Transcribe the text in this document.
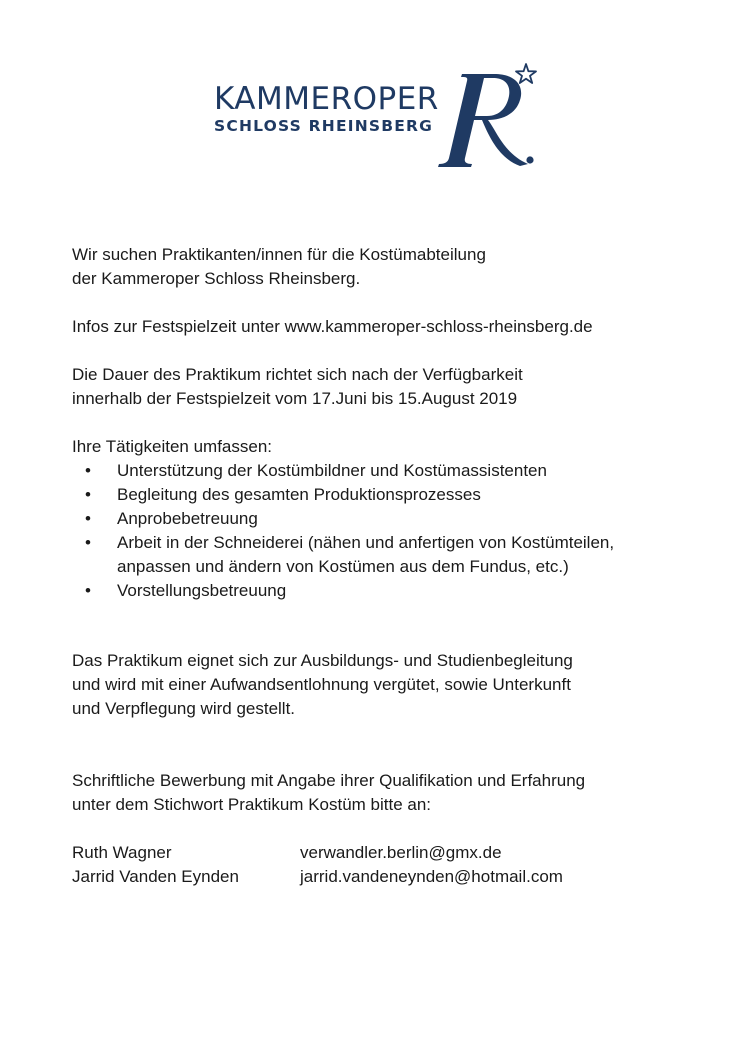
KAMMEROPER
SCHLOSS RHEINSBERG

Wir suchen Praktikanten/innen für die Kostümabteilung

der Kammeroper Schloss Rheinsberg.

Infos zur Festspielzeit unter www.kammeroper-schloss-rheinsberg.de

Die Dauer des Praktikum richtet sich nach der Verfügbarkeit

innerhalb der Festspielzeit vom 17.Juni bis 15.August 2019

Ihre Tätigkeiten umfassen:

• Unterstützung der Kostümbildner und Kostümassistenten
• Begleitung des gesamten Produktionsprozesses
• Anprobebetreuung
• Arbeit in der Schneiderei (nähen und anfertigen von Kostümteilen, anpassen und ändern von Kostümen aus dem Fundus, etc.)
• Vorstellungsbetreuung

Das Praktikum eignet sich zur Ausbildungs- und Studienbegleitung

und wird mit einer Aufwandsentlohnung vergütet, sowie Unterkunft

und Verpflegung wird gestellt.

Schriftliche Bewerbung mit Angabe ihrer Qualifikation und Erfahrung

unter dem Stichwort Praktikum Kostüm bitte an:

Ruth Wagner	verwandler.berlin@gmx.de
Jarrid Vanden Eynden	jarrid.vandeneynden@hotmail.com
